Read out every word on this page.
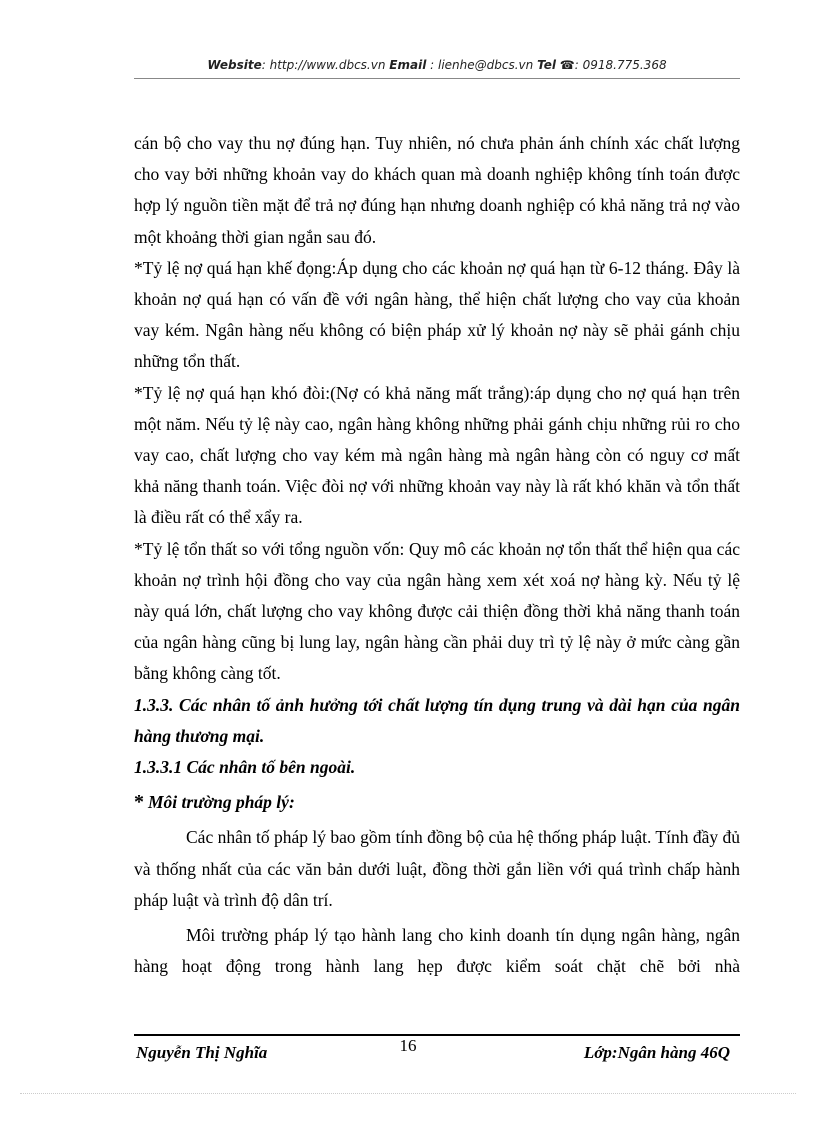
Website: http://www.dbcs.vn Email : lienhe@dbcs.vn Tel ☎: 0918.775.368

cán bộ cho vay thu nợ đúng hạn. Tuy nhiên, nó chưa phản ánh chính xác chất lượng cho vay bởi những khoản vay do khách quan mà doanh nghiệp không tính toán được hợp lý nguồn tiền mặt để trả nợ đúng hạn nhưng doanh nghiệp có khả năng trả nợ vào một khoảng thời gian ngắn sau đó.

*Tỷ lệ nợ quá hạn khế đọng:Áp dụng cho các khoản nợ quá hạn từ 6-12 tháng. Đây là khoản nợ quá hạn có vấn đề với ngân hàng, thể hiện chất lượng cho vay của khoản vay kém. Ngân hàng nếu không có biện pháp xử lý khoản nợ này sẽ phải gánh chịu những tổn thất.

*Tỷ lệ nợ quá hạn khó đòi:(Nợ có khả năng mất trắng):áp dụng cho nợ quá hạn trên một năm. Nếu tỷ lệ này cao, ngân hàng không những phải gánh chịu những rủi ro cho vay cao, chất lượng cho vay kém mà ngân hàng mà ngân hàng còn có nguy cơ mất khả năng thanh toán. Việc đòi nợ với những khoản vay này là rất khó khăn và tổn thất là điều rất có thể xẩy ra.

*Tỷ lệ tổn thất so với tổng nguồn vốn: Quy mô các khoản nợ tổn thất thể hiện qua các khoản nợ trình hội đồng cho vay của ngân hàng xem xét xoá nợ hàng kỳ. Nếu tỷ lệ này quá lớn, chất lượng cho vay không được cải thiện đồng thời khả năng thanh toán của ngân hàng cũng bị lung lay, ngân hàng cần phải duy trì tỷ lệ này ở mức càng gần bằng không càng tốt.

1.3.3. Các nhân tố ảnh hưởng tới chất lượng tín dụng trung và dài hạn của ngân hàng thương mại.

1.3.3.1 Các nhân tố bên ngoài.

* Môi trường pháp lý:

Các nhân tố pháp lý bao gồm tính đồng bộ của hệ thống pháp luật. Tính đầy đủ và thống nhất của các văn bản dưới luật, đồng thời gắn liền với quá trình chấp hành pháp luật và trình độ dân trí.

Môi trường pháp lý tạo hành lang cho kinh doanh tín dụng ngân hàng, ngân hàng hoạt động trong hành lang hẹp được kiểm soát chặt chẽ bởi nhà

16
Nguyễn Thị Nghĩa	Lớp:Ngân hàng 46Q
